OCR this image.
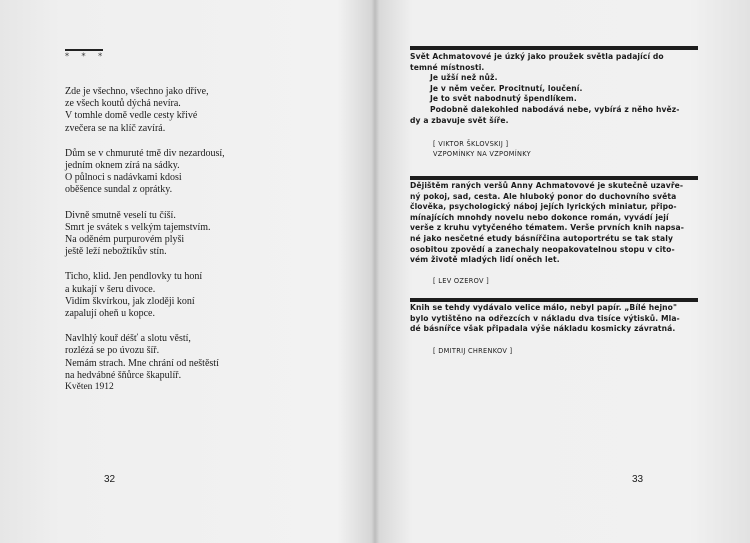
* * *
Zde je všechno, všechno jako dříve,
ze všech koutů dýchá nevíra.
V tomhle domě vedle cesty křivé
zvečera se na klíč zavírá.
Dům se v chmuruté tmě div nezardousí,
jedním oknem zírá na sádky.
O půlnoci s nadávkami kdosi
oběšence sundal z oprátky.
Divně smutně veselí tu číší.
Smrt je svátek s velkým tajemstvím.
Na oděném purpurovém plyši
ještě leží nebožtíkův stín.
Ticho, klid. Jen pendlovky tu honí
a kukají v šeru divoce.
Vidím škvírkou, jak zloději koní
zapalují oheň u kopce.
Navlhlý kouř déšť a slotu věstí,
rozlézá se po úvozu šíř.
Nemám strach. Mne chrání od neštěstí
na hedvábné šňůrce škapulíř.
Květen 1912
32
Svět Achmatovové je úzký jako proužek světla padající do
temné místnosti.
Je užší než nůž.
Je v něm večer. Procitnutí, loučení.
Je to svět nabodnutý špendlíkem.
Podobně dalekohled nabodává nebe, vybírá z něho hvěz-
dy a zbavuje svět šíře.
[ VIKTOR ŠKLOVSKIJ ]
VZPOMÍNKY NA VZPOMÍNKY
Dějištěm raných veršů Anny Achmatovové je skutečně uzavře-
ný pokoj, sad, cesta. Ale hluboký ponor do duchovního světa
člověka, psychologický náboj jejích lyrických miniatur, připo-
mínajících mnohdy novelu nebo dokonce román, vyvádí její
verše z kruhu vytyčeného tématem. Verše prvních knih napsa-
né jako nesčetné etudy básnířčina autoportrétu se tak staly
osobitou zpovědí a zanechaly neopakovatelnou stopu v cito-
vém životě mladých lidí oněch let.
[ LEV OZEROV ]
Knih se tehdy vydávalo velice málo, nebyl papír. „Bílé hejno"
bylo vytištěno na odřezcích v nákladu dva tisíce výtisků. Mla-
dé básnířce však připadala výše nákladu kosmicky závratná.
[ DMITRIJ CHRENKOV ]
33
